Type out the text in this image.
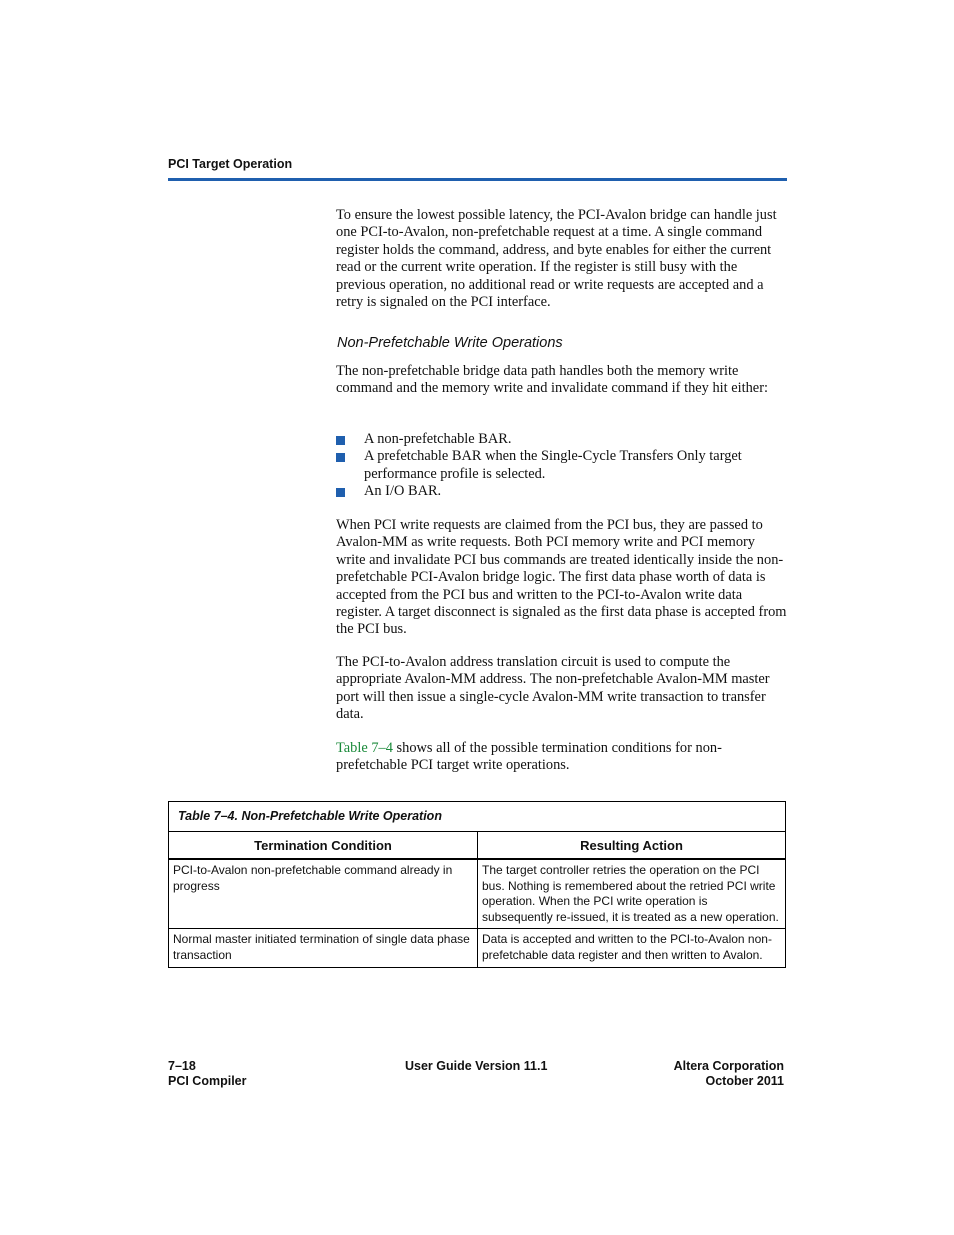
PCI Target Operation

To ensure the lowest possible latency, the PCI-Avalon bridge can handle just one PCI-to-Avalon, non-prefetchable request at a time. A single command register holds the command, address, and byte enables for either the current read or the current write operation. If the register is still busy with the previous operation, no additional read or write requests are accepted and a retry is signaled on the PCI interface.

Non-Prefetchable Write Operations

The non-prefetchable bridge data path handles both the memory write command and the memory write and invalidate command if they hit either:

A non-prefetchable BAR.
A prefetchable BAR when the Single-Cycle Transfers Only target performance profile is selected.
An I/O BAR.

When PCI write requests are claimed from the PCI bus, they are passed to Avalon-MM as write requests. Both PCI memory write and PCI memory write and invalidate PCI bus commands are treated identically inside the non-prefetchable PCI-Avalon bridge logic. The first data phase worth of data is accepted from the PCI bus and written to the PCI-to-Avalon write data register. A target disconnect is signaled as the first data phase is accepted from the PCI bus.

The PCI-to-Avalon address translation circuit is used to compute the appropriate Avalon-MM address. The non-prefetchable Avalon-MM master port will then issue a single-cycle Avalon-MM write transaction to transfer data.

Table 7–4 shows all of the possible termination conditions for non-prefetchable PCI target write operations.

Table 7–4. Non-Prefetchable Write Operation	
Termination Condition	Resulting Action
PCI-to-Avalon non-prefetchable command already in progress	The target controller retries the operation on the PCI bus. Nothing is remembered about the retried PCI write operation. When the PCI write operation is subsequently re-issued, it is treated as a new operation.
Normal master initiated termination of single data phase transaction	Data is accepted and written to the PCI-to-Avalon non-prefetchable data register and then written to Avalon.
7–18
PCI Compiler
User Guide Version 11.1	Altera Corporation
October 2011
